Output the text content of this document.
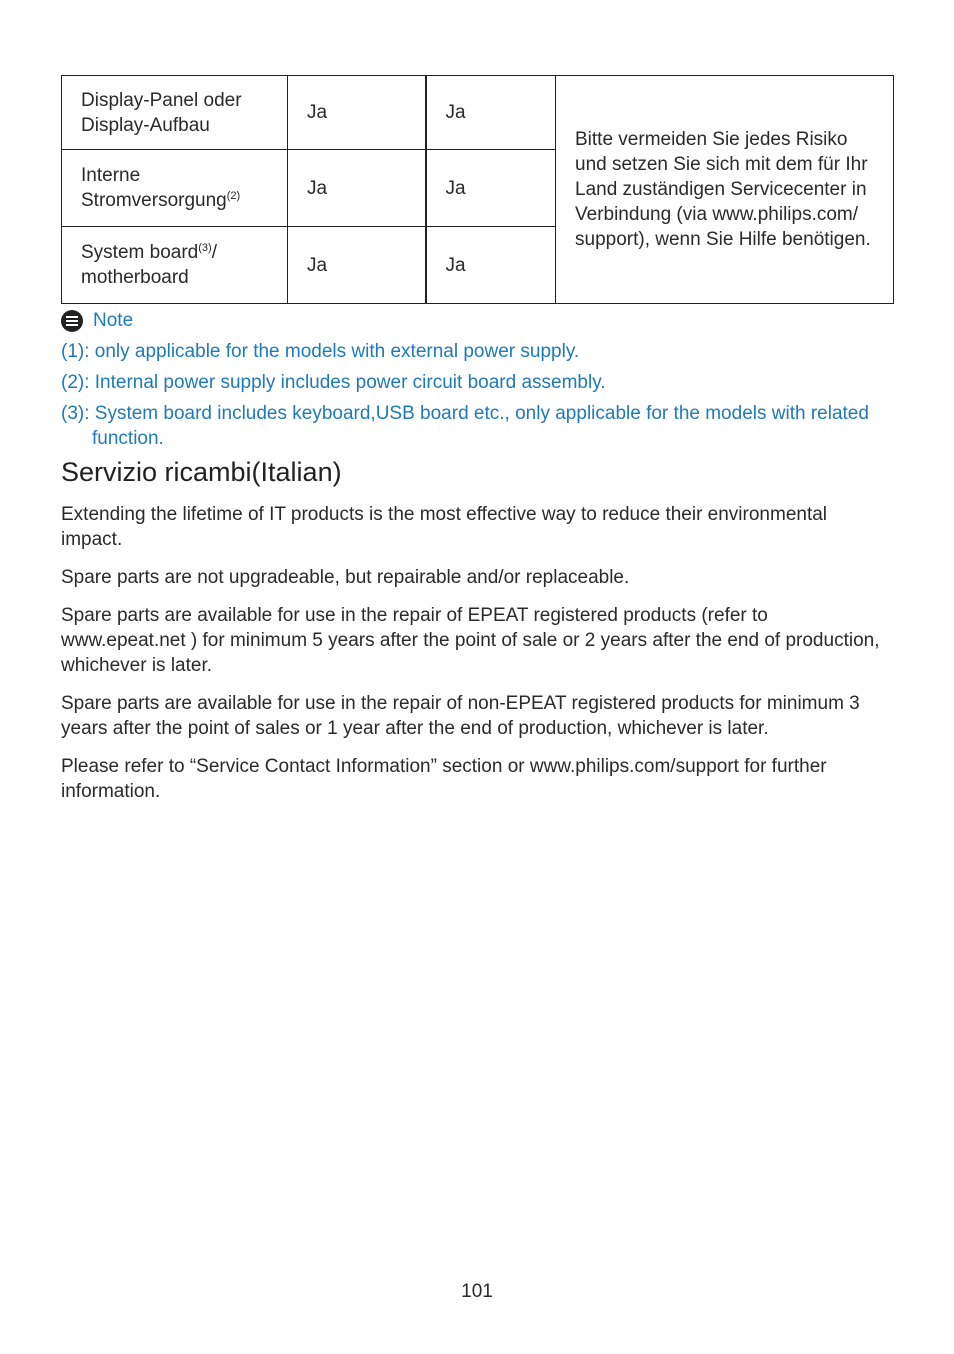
Display-Panel oder Display-Aufbau	Ja	Ja	Bitte vermeiden Sie jedes Risiko und setzen Sie sich mit dem für Ihr Land zuständigen Servicecenter in Verbindung (via www.philips.com/ support), wenn Sie Hilfe benötigen.
Interne Stromversorgung$^{(2)}$	Ja	Ja	
System board$^{(3)}$/ motherboard	Ja	Ja	
Note
(1): only applicable for the models with external power supply.
(2): Internal power supply includes power circuit board assembly.
(3): System board includes keyboard,USB board etc., only applicable for the models with related function.
Servizio ricambi(Italian)

Extending the lifetime of IT products is the most effective way to reduce their environmental impact.

Spare parts are not upgradeable, but repairable and/or replaceable.

Spare parts are available for use in the repair of EPEAT registered products (refer to www.epeat.net ) for minimum 5 years after the point of sale or 2 years after the end of production, whichever is later.

Spare parts are available for use in the repair of non-EPEAT registered products for minimum 3 years after the point of sales or 1 year after the end of production, whichever is later.

Please refer to “Service Contact Information” section or www.philips.com/support for further information.

101
